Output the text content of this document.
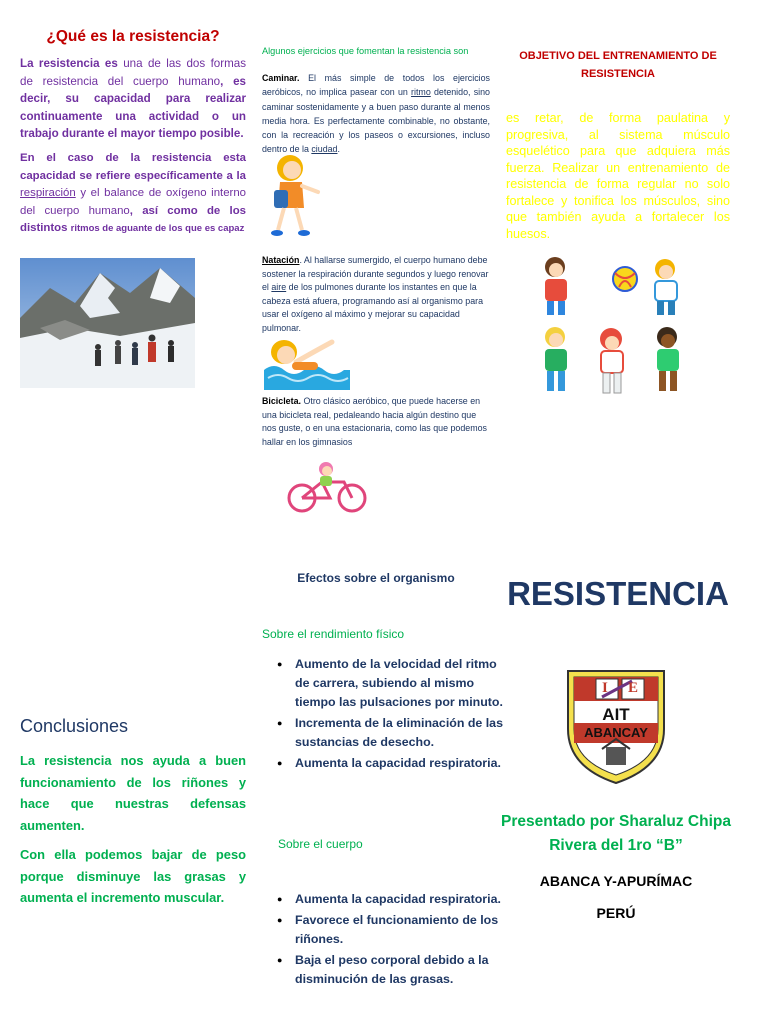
¿Qué es la resistencia?
La resistencia es una de las dos formas de resistencia del cuerpo humano, es decir, su capacidad para realizar continuamente una actividad o un trabajo durante el mayor tiempo posible.
En el caso de la resistencia esta capacidad se refiere específicamente a la respiración y el balance de oxígeno interno del cuerpo humano, así como de los distintos ritmos de aguante de los que es capaz
Algunos ejercicios que fomentan la resistencia son
Caminar. El más simple de todos los ejercicios aeróbicos, no implica pasear con un ritmo detenido, sino caminar sostenidamente y a buen paso durante al menos media hora. Es perfectamente combinable, no obstante, con la recreación y los paseos o excursiones, incluso dentro de la ciudad.
Natación. Al hallarse sumergido, el cuerpo humano debe sostener la respiración durante segundos y luego renovar el aire de los pulmones durante los instantes en que la cabeza está afuera, programando así al organismo para usar el oxígeno al máximo y mejorar su capacidad pulmonar.
Bicicleta. Otro clásico aeróbico, que puede hacerse en una bicicleta real, pedaleando hacia algún destino que nos guste, o en una estacionaria, como las que podemos hallar en los gimnasios
OBJETIVO DEL ENTRENAMIENTO DE RESISTENCIA
es retar, de forma paulatina y progresiva, al sistema músculo esquelético para que adquiera más fuerza. Realizar un entrenamiento de resistencia de forma regular no solo fortalece y tonifica los músculos, sino que también ayuda a fortalecer los huesos.
Conclusiones
La resistencia nos ayuda a buen funcionamiento de los riñones y hace que nuestras defensas aumenten.
Con ella podemos bajar de peso porque disminuye las grasas y aumenta el incremento muscular.
Efectos sobre el organismo
Sobre el rendimiento físico
● Aumento de la velocidad del ritmo de carrera, subiendo al mismo tiempo las pulsaciones por minuto.
● Incrementa de la eliminación de las sustancias de desecho.
● Aumenta la capacidad respiratoria.
Sobre el cuerpo
● Aumenta la capacidad respiratoria.
● Favorece el funcionamiento de los riñones.
● Baja el peso corporal debido a la disminución de las grasas.
RESISTENCIA
I E
AIT
ABANCAY
Presentado por Sharaluz Chipa Rivera del 1ro “B”
ABANCA Y-APURÍMAC
PERÚ
